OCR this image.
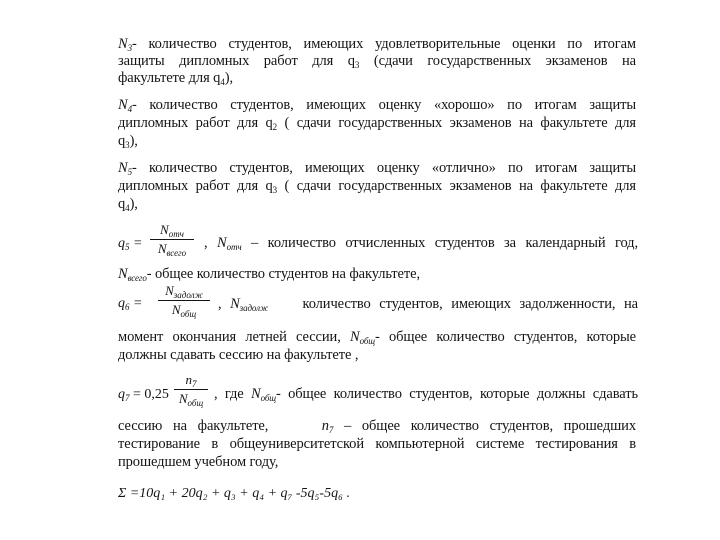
$N_3-$ количество студентов, имеющих удовлетворительные оценки по итогам
защиты дипломных работ для $q_3$ (сдачи государственных экзаменов на
факультете для $q_4$),
$N_4-$ количество студентов, имеющих оценку «хорошо» по итогам защиты
дипломных работ для $q_2$ ( сдачи государственных экзаменов на факультете для
$q_3$),
$N_5-$ количество студентов, имеющих оценку «отлично» по итогам защиты
дипломных работ для $q_3$ ( сдачи государственных экзаменов на факультете для
$q_4$),
$q_5$ =
$N_{отч}$
$N_{всего}$
, $N_{отч}$ – количество отчисленных студентов за календарный год,
$N_{всего}-$ общее количество студентов на факультете,
$q_6$ =
$N_{задолж}$
$N_{общ}$
, $N_{задолж}$ количество студентов, имеющих задолженности, на
момент окончания летней сессии, $N_{общ}-$ общее количество студентов, которые
должны сдавать сессию на факультете ,
$q_7 = 0,25$
$n_7$
$N_{общ}$
, где $N_{общ}-$ общее количество студентов, которые должны сдавать
сессию на факультете,	$n_7$ – общее количество студентов, прошедших
тестирование в общеуниверситетской компьютерной системе тестирования в
прошедшем учебном году,
Σ =10q₁ + 20q₂ + q₃ + q₄ + q₇ -5q₅-5q₆ .
